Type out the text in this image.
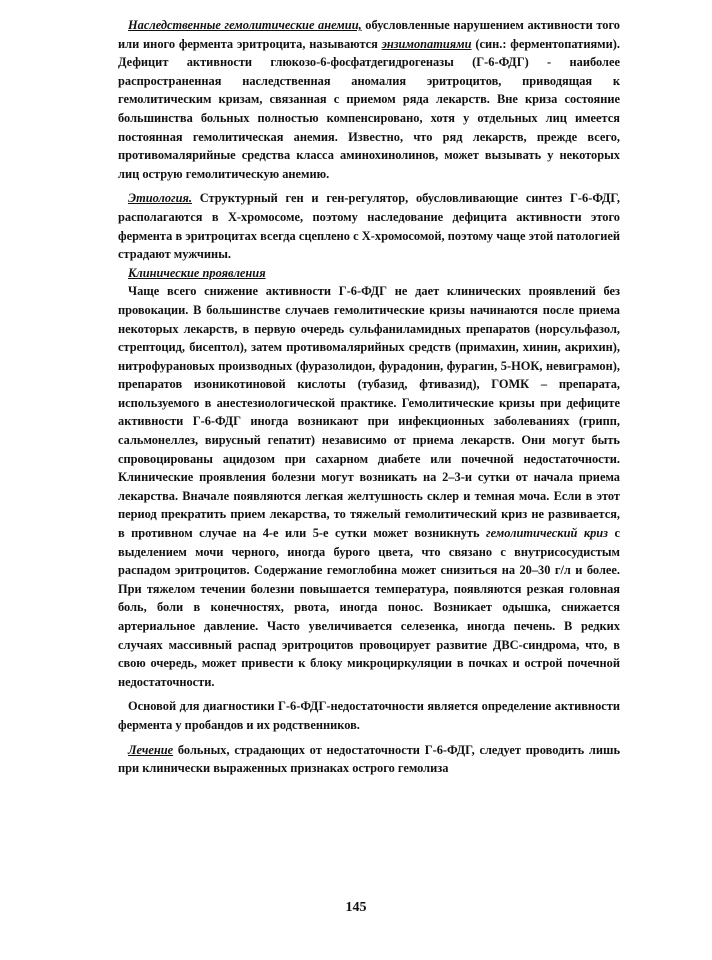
Наследственные гемолитические анемии, обусловленные нарушением активности того или иного фермента эритроцита, называются энзимопатиями (син.: ферментопатиями). Дефицит активности глюкозо-6-фосфатдегидрогеназы (Г-6-ФДГ) - наиболее распространенная наследственная аномалия эритроцитов, приводящая к гемолитическим кризам, связанная с приемом ряда лекарств. Вне криза состояние большинства больных полностью компенсировано, хотя у отдельных лиц имеется постоянная гемолитическая анемия. Известно, что ряд лекарств, прежде всего, противомалярийные средства класса аминохинолинов, может вызывать у некоторых лиц острую гемолитическую анемию.

Этиология. Структурный ген и ген-регулятор, обусловливающие синтез Г-6-ФДГ, располагаются в Х-хромосоме, поэтому наследование дефицита активности этого фермента в эритроцитах всегда сцеплено с Х-хромосомой, поэтому чаще этой патологией страдают мужчины.

Клинические проявления

Чаще всего снижение активности Г-6-ФДГ не дает клинических проявлений без провокации. В большинстве случаев гемолитические кризы начинаются после приема некоторых лекарств, в первую очередь сульфаниламидных препаратов (норсульфазол, стрептоцид, бисептол), затем противомалярийных средств (примахин, хинин, акрихин), нитрофурановых производных (фуразолидон, фурадонин, фурагин, 5-НОК, невиграмон), препаратов изоникотиновой кислоты (тубазид, фтивазид), ГОМК – препарата, используемого в анестезиологической практике. Гемолитические кризы при дефиците активности Г-6-ФДГ иногда возникают при инфекционных заболеваниях (грипп, сальмонеллез, вирусный гепатит) независимо от приема лекарств. Они могут быть спровоцированы ацидозом при сахарном диабете или почечной недостаточности. Клинические проявления болезни могут возникать на 2–3-и сутки от начала приема лекарства. Вначале появляются легкая желтушность склер и темная моча. Если в этот период прекратить прием лекарства, то тяжелый гемолитический криз не развивается, в противном случае на 4-е или 5-е сутки может возникнуть гемолитический криз с выделением мочи черного, иногда бурого цвета, что связано с внутрисосудистым распадом эритроцитов. Содержание гемоглобина может снизиться на 20–30 г/л и более. При тяжелом течении болезни повышается температура, появляются резкая головная боль, боли в конечностях, рвота, иногда понос. Возникает одышка, снижается артериальное давление. Часто увеличивается селезенка, иногда печень. В редких случаях массивный распад эритроцитов провоцирует развитие ДВС-синдрома, что, в свою очередь, может привести к блоку микроциркуляции в почках и острой почечной недостаточности.

Основой для диагностики Г-6-ФДГ-недостаточности является определение активности фермента у пробандов и их родственников.

Лечение больных, страдающих от недостаточности Г-6-ФДГ, следует проводить лишь при клинически выраженных признаках острого гемолиза

145
